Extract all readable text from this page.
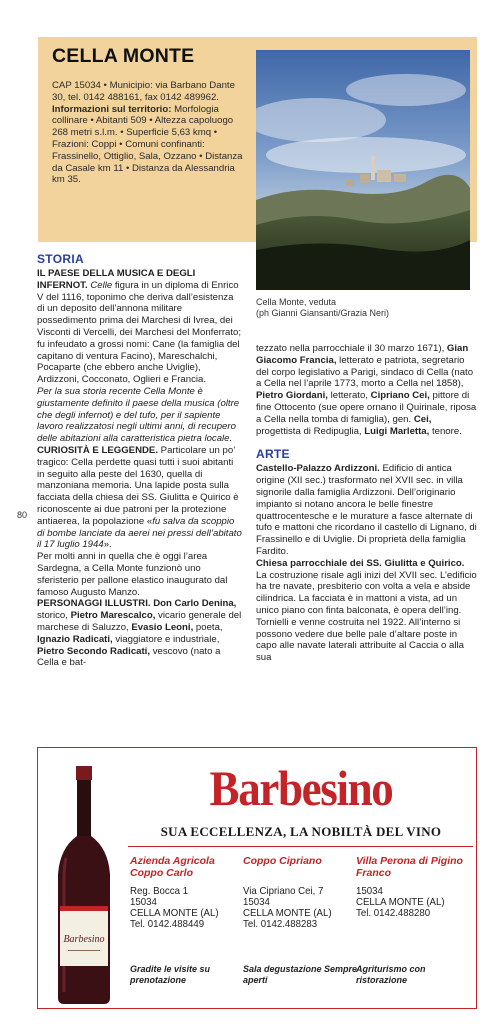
CELLA MONTE

CAP 15034 • Municipio: via Barbano Dante 30, tel. 0142 488161, fax 0142 489962.

Informazioni sul territorio: Morfologia collinare • Abitanti 509 • Altezza capoluogo 268 metri s.l.m. • Superficie 5,63 kmq • Frazioni: Coppi • Comuni confinanti: Frassinello, Ottiglio, Sala, Ozzano • Distanza da Casale km 11 • Distanza da Alessandria km 35.

Cella Monte, veduta
(ph Gianni Giansanti/Grazia Neri)
80
STORIA

IL PAESE DELLA MUSICA E DEGLI INFERNOT. Celle figura in un diploma di Enrico V del 1116, toponimo che deriva dall’esistenza di un deposito dell’annona militare possedimento prima dei Marchesi di Ivrea, dei Visconti di Vercelli, dei Marchesi del Monferrato; fu infeudato a grossi nomi: Cane (la famiglia del capitano di ventura Facino), Mareschalchi, Pocaparte (che ebbero anche Uviglie), Ardizzoni, Cocconato, Oglieri e Francia.

Per la sua storia recente Cella Monte è giustamente definito il paese della musica (oltre che degli infernot) e del tufo, per il sapiente lavoro realizzatosi negli ultimi anni, di recupero delle abitazioni alla caratteristica pietra locale.

CURIOSITÀ E LEGGENDE. Particolare un po’ tragico: Cella perdette quasi tutti i suoi abitanti in seguito alla peste del 1630, quella di manzoniana memoria. Una lapide posta sulla facciata della chiesa dei SS. Giulitta e Quirico è riconoscente ai due patroni per la protezione antiaerea, la popolazione «fu salva da scoppio di bombe lanciate da aerei nei pressi dell’abitato il 17 luglio 1944».

Per molti anni in quella che è oggi l’area Sardegna, a Cella Monte funzionò uno sferisterio per pallone elastico inaugurato dal famoso Augusto Manzo.

PERSONAGGI ILLUSTRI. Don Carlo Denina, storico, Pietro Marescalco, vicario generale del marchese di Saluzzo, Evasio Leoni, poeta, Ignazio Radicati, viaggiatore e industriale, Pietro Secondo Radicati, vescovo (nato a Cella e bat-

tezzato nella parrocchiale il 30 marzo 1671), Gian Giacomo Francia, letterato e patriota, segretario del corpo legislativo a Parigi, sindaco di Cella (nato a Cella nel l’aprile 1773, morto a Cella nel 1858), Pietro Giordani, letterato, Cipriano Cei, pittore di fine Ottocento (sue opere ornano il Quirinale, riposa a Cella nella tomba di famiglia), gen. Cei, progettista di Redipuglia, Luigi Marletta, tenore.

ARTE

Castello-Palazzo Ardizzoni. Edificio di antica origine (XII sec.) trasformato nel XVII sec. in villa signorile dalla famiglia Ardizzoni. Dell’originario impianto si notano ancora le belle finestre quattrocentesche e le murature a fasce alternate di tufo e mattoni che ricordano il castello di Lignano, di Frassinello e di Uviglie. Di proprietà della famiglia Fardito.

Chiesa parrocchiale dei SS. Giulitta e Quirico. La costruzione risale agli inizi del XVII sec. L’edificio ha tre navate, presbiterio con volta a vela e abside cilindrica. La facciata è in mattoni a vista, ad un unico piano con finta balconata, è opera dell’ing. Tornielli e venne costruita nel 1922. All’interno si possono vedere due belle pale d’altare poste in capo alle navate laterali attribuite al Caccia o alla sua

Barbesino
Barbesino
SUA ECCELLENZA, LA NOBILTÀ DEL VINO
Azienda Agricola Coppo Carlo
Reg. Bocca 1
15034
CELLA MONTE (AL)
Tel. 0142.488449
Gradite le visite su prenotazione
Coppo Cipriano
Via Cipriano Cei, 7
15034
CELLA MONTE (AL)
Tel. 0142.488283
Sala degustazione Sempre aperti
Villa Perona di Pigino Franco
15034
CELLA MONTE (AL)
Tel. 0142.488280
Agriturismo con ristorazione
